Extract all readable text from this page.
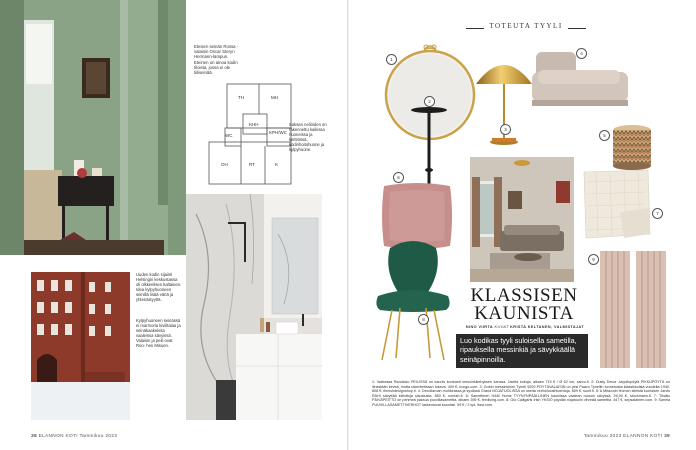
Eteisen seinän Rossa -valaisin Oscar Steryn Hermann-lampun. Eteinen on ainoa kodin tiloista, jossa ei ole tiiliseinää.
TH	MH
KHH
WC
KPH/WC
OH	RT	K
Saksan neliöiden on rakennettu kaikissa huoneissa ja keittiössä, kodinhoitohuone ja kylpyhuone.
Uuden kodin sijainti Helsingin keskustassa oli olkkeelisen kaltainen. Idea kylpyhuoneen seinillä lisää väriä ja yhtenäisyyttä.
Kylpyhuoneen seinässä ei marmoria kiviiltalaa ja seinäkaakeleita vaaleissa sävyissä. Valaisin ja peili ovat Roo- hen Misuen.
38 ELANNON KOTI Tammikuu 2023
TOTEUTA TYYLI
1
2
3
4
5
6
8
7
9
KLASSISEN
KAUNISTA
NINO VIIRTA KUVAT KRISTA KELTANEN, VALMISTAJAT
Luo kodikas tyyli suloisella sametilla, ripauksella messinkiä ja sävykkäällä seinäpinnoilla.
1: Vaileassa Randacio PEILISSÄ on kaunis kontrasti messinkikehyksen kanssa. Useita kokoja, alkaen 719 € / Ø 62 cm, sarvo.fi. 2: Dusty Decor -tarjoilupöytä PIKKUPÖYTÄ on liinestään keveä, mutta rakenteeltaan tukeva. 409 €, nocgo.com. 3: Gubin messinkinen Tynell 9209 PÖYTÄVALAISIN on yksi Paavo Tynellin tunnetuista klassikkoista vuodelta 1940. 808 €, finnishdesignshop.fi. 4: Decollaroan muhkeassa ja syvässä Grand NOJATUOLISSA on useita verhoiluvaihtoehtoja. 659 €, sunit.fi. 5: A Missonin Homen sileistä kuvioisen Jarvis RAHI sävyttää kiillottuja sisustusta. 850 €, nomart.fi. 6: Samettinen H&M Home TYYNYNPÄÄLLINEN kauniissa vaalean ruusun sävyssä, 26,90 €, stockmann.fi. 7: Tikattu PÄIVÄPEITTO on pehmeä paksua puuvillasamettia, alkaen 395 €, feinliving.com. 8: Gio Calligaris Irish YKSIÖ pöydän nojatuolin vihreää samettia. 447 €, sepsalainen.com. 9: Sanela PUUVILLASAMETTIVERHOT laskeutuvat kauniisti. 59 € / 2 kpl, ikea.com.
Tammikuu 2023 ELANNON KOTI 39
